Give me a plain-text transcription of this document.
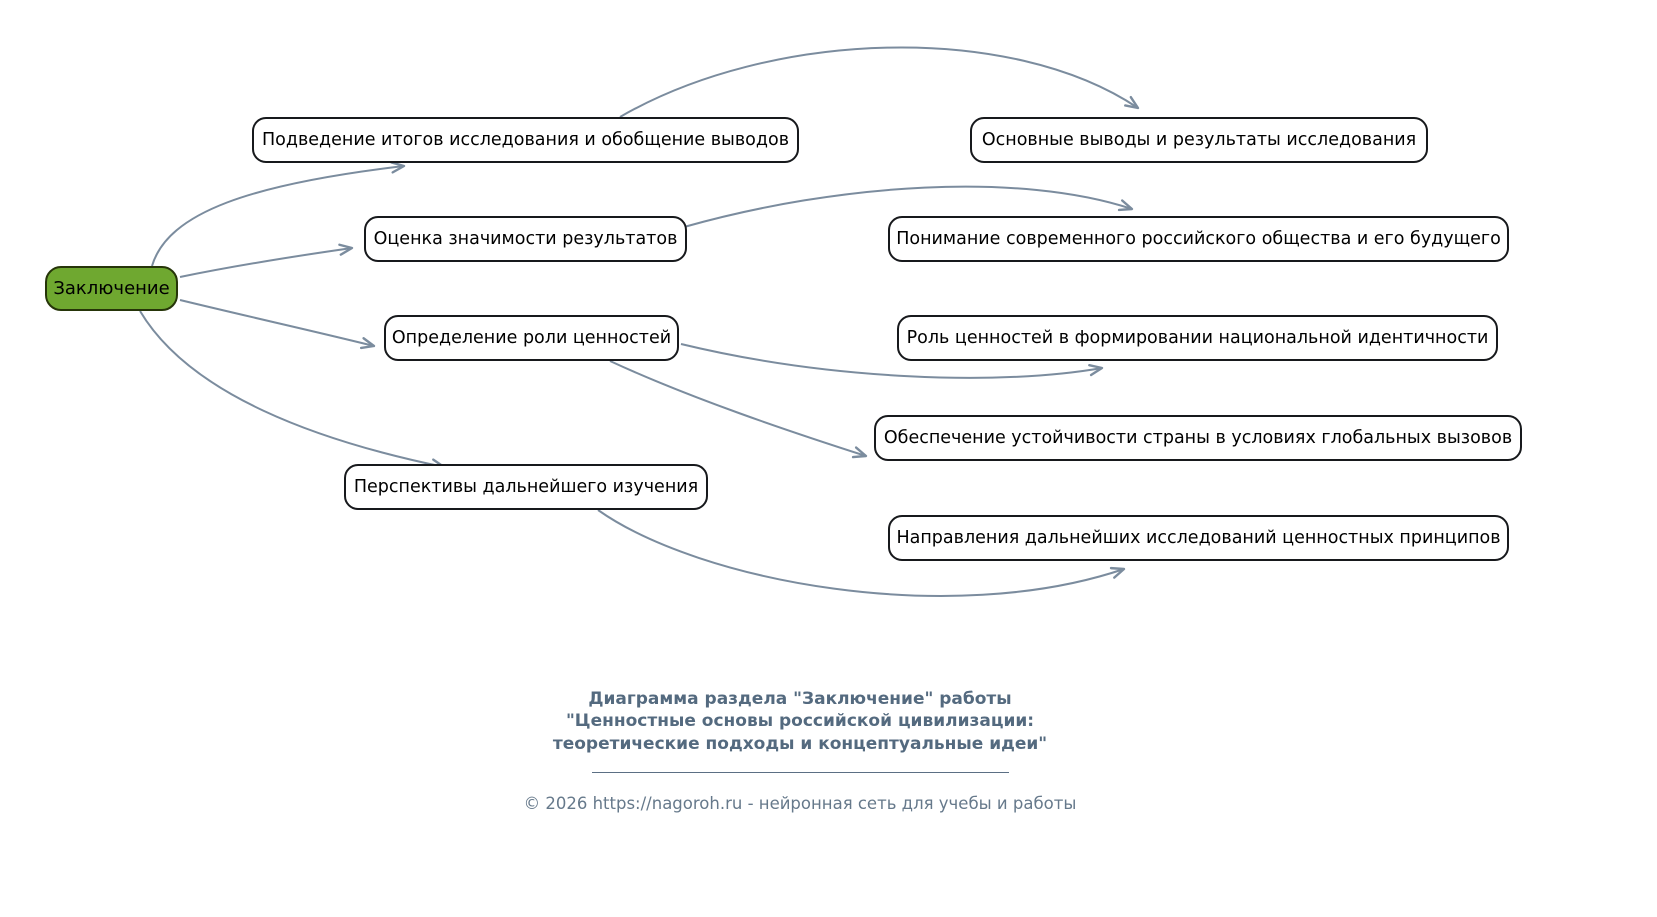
Заключение
Подведение итогов исследования и обобщение выводов
Оценка значимости результатов
Определение роли ценностей
Перспективы дальнейшего изучения
Основные выводы и результаты исследования
Понимание современного российского общества и его будущего
Роль ценностей в формировании национальной идентичности
Обеспечение устойчивости страны в условиях глобальных вызовов
Направления дальнейших исследований ценностных принципов
Диаграмма раздела "Заключение" работы
"Ценностные основы российской цивилизации:
теоретические подходы и концептуальные идеи"
© 2026 https://nagoroh.ru - нейронная сеть для учебы и работы
